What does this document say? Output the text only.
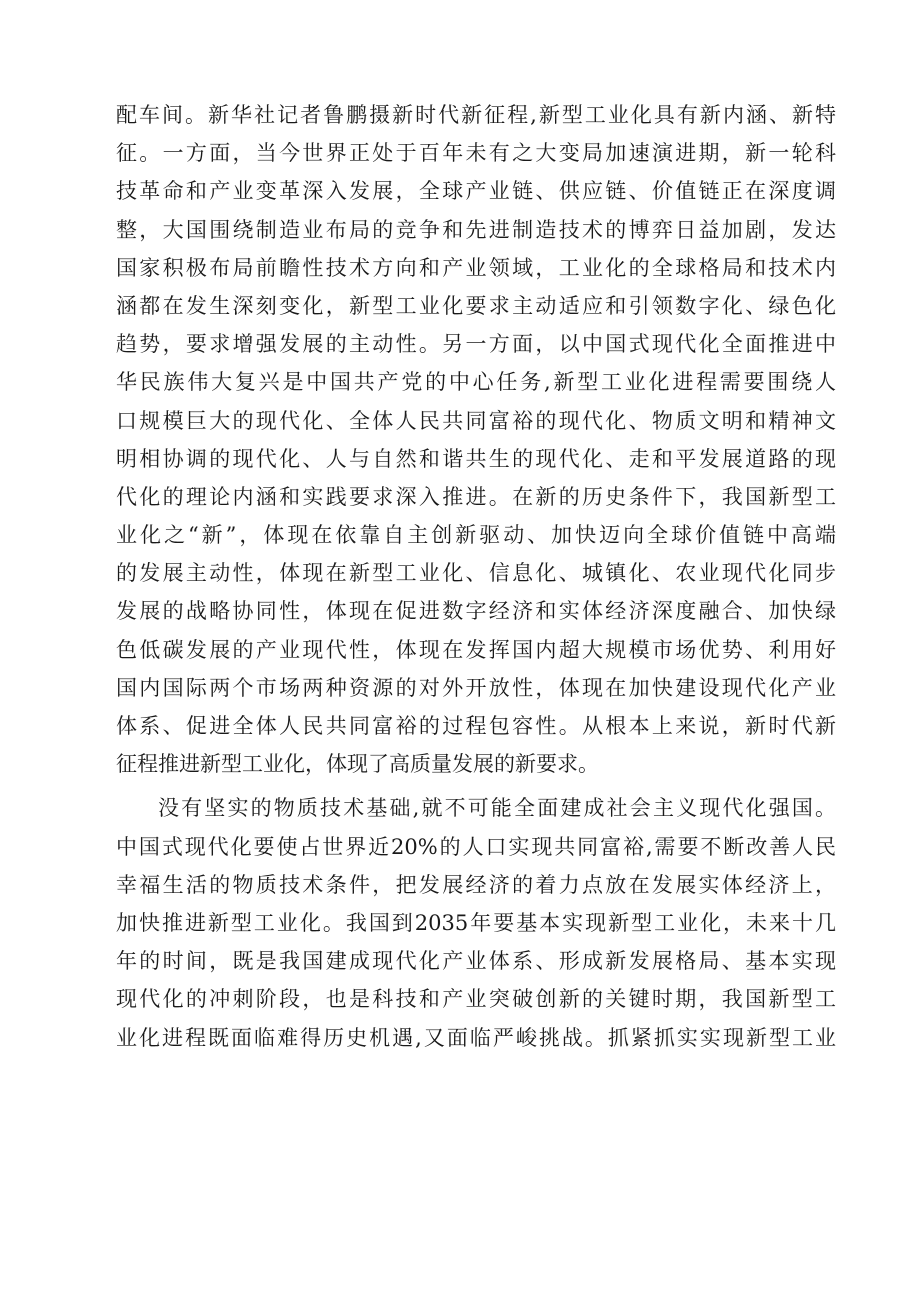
配车间。新华社记者鲁鹏摄新时代新征程,新型工业化具有新内涵、新特
征。一方面，当今世界正处于百年未有之大变局加速演进期，新一轮科
技革命和产业变革深入发展，全球产业链、供应链、价值链正在深度调
整，大国围绕制造业布局的竞争和先进制造技术的博弈日益加剧，发达
国家积极布局前瞻性技术方向和产业领域，工业化的全球格局和技术内
涵都在发生深刻变化，新型工业化要求主动适应和引领数字化、绿色化
趋势，要求增强发展的主动性。另一方面，以中国式现代化全面推进中
华民族伟大复兴是中国共产党的中心任务,新型工业化进程需要围绕人
口规模巨大的现代化、全体人民共同富裕的现代化、物质文明和精神文
明相协调的现代化、人与自然和谐共生的现代化、走和平发展道路的现
代化的理论内涵和实践要求深入推进。在新的历史条件下，我国新型工
业化之“新”，体现在依靠自主创新驱动、加快迈向全球价值链中高端
的发展主动性，体现在新型工业化、信息化、城镇化、农业现代化同步
发展的战略协同性，体现在促进数字经济和实体经济深度融合、加快绿
色低碳发展的产业现代性，体现在发挥国内超大规模市场优势、利用好
国内国际两个市场两种资源的对外开放性，体现在加快建设现代化产业
体系、促进全体人民共同富裕的过程包容性。从根本上来说，新时代新
征程推进新型工业化，体现了高质量发展的新要求。
没有坚实的物质技术基础,就不可能全面建成社会主义现代化强国。
中国式现代化要使占世界近20%的人口实现共同富裕,需要不断改善人民
幸福生活的物质技术条件，把发展经济的着力点放在发展实体经济上，
加快推进新型工业化。我国到2035年要基本实现新型工业化，未来十几
年的时间，既是我国建成现代化产业体系、形成新发展格局、基本实现
现代化的冲刺阶段，也是科技和产业突破创新的关键时期，我国新型工
业化进程既面临难得历史机遇,又面临严峻挑战。抓紧抓实实现新型工业
